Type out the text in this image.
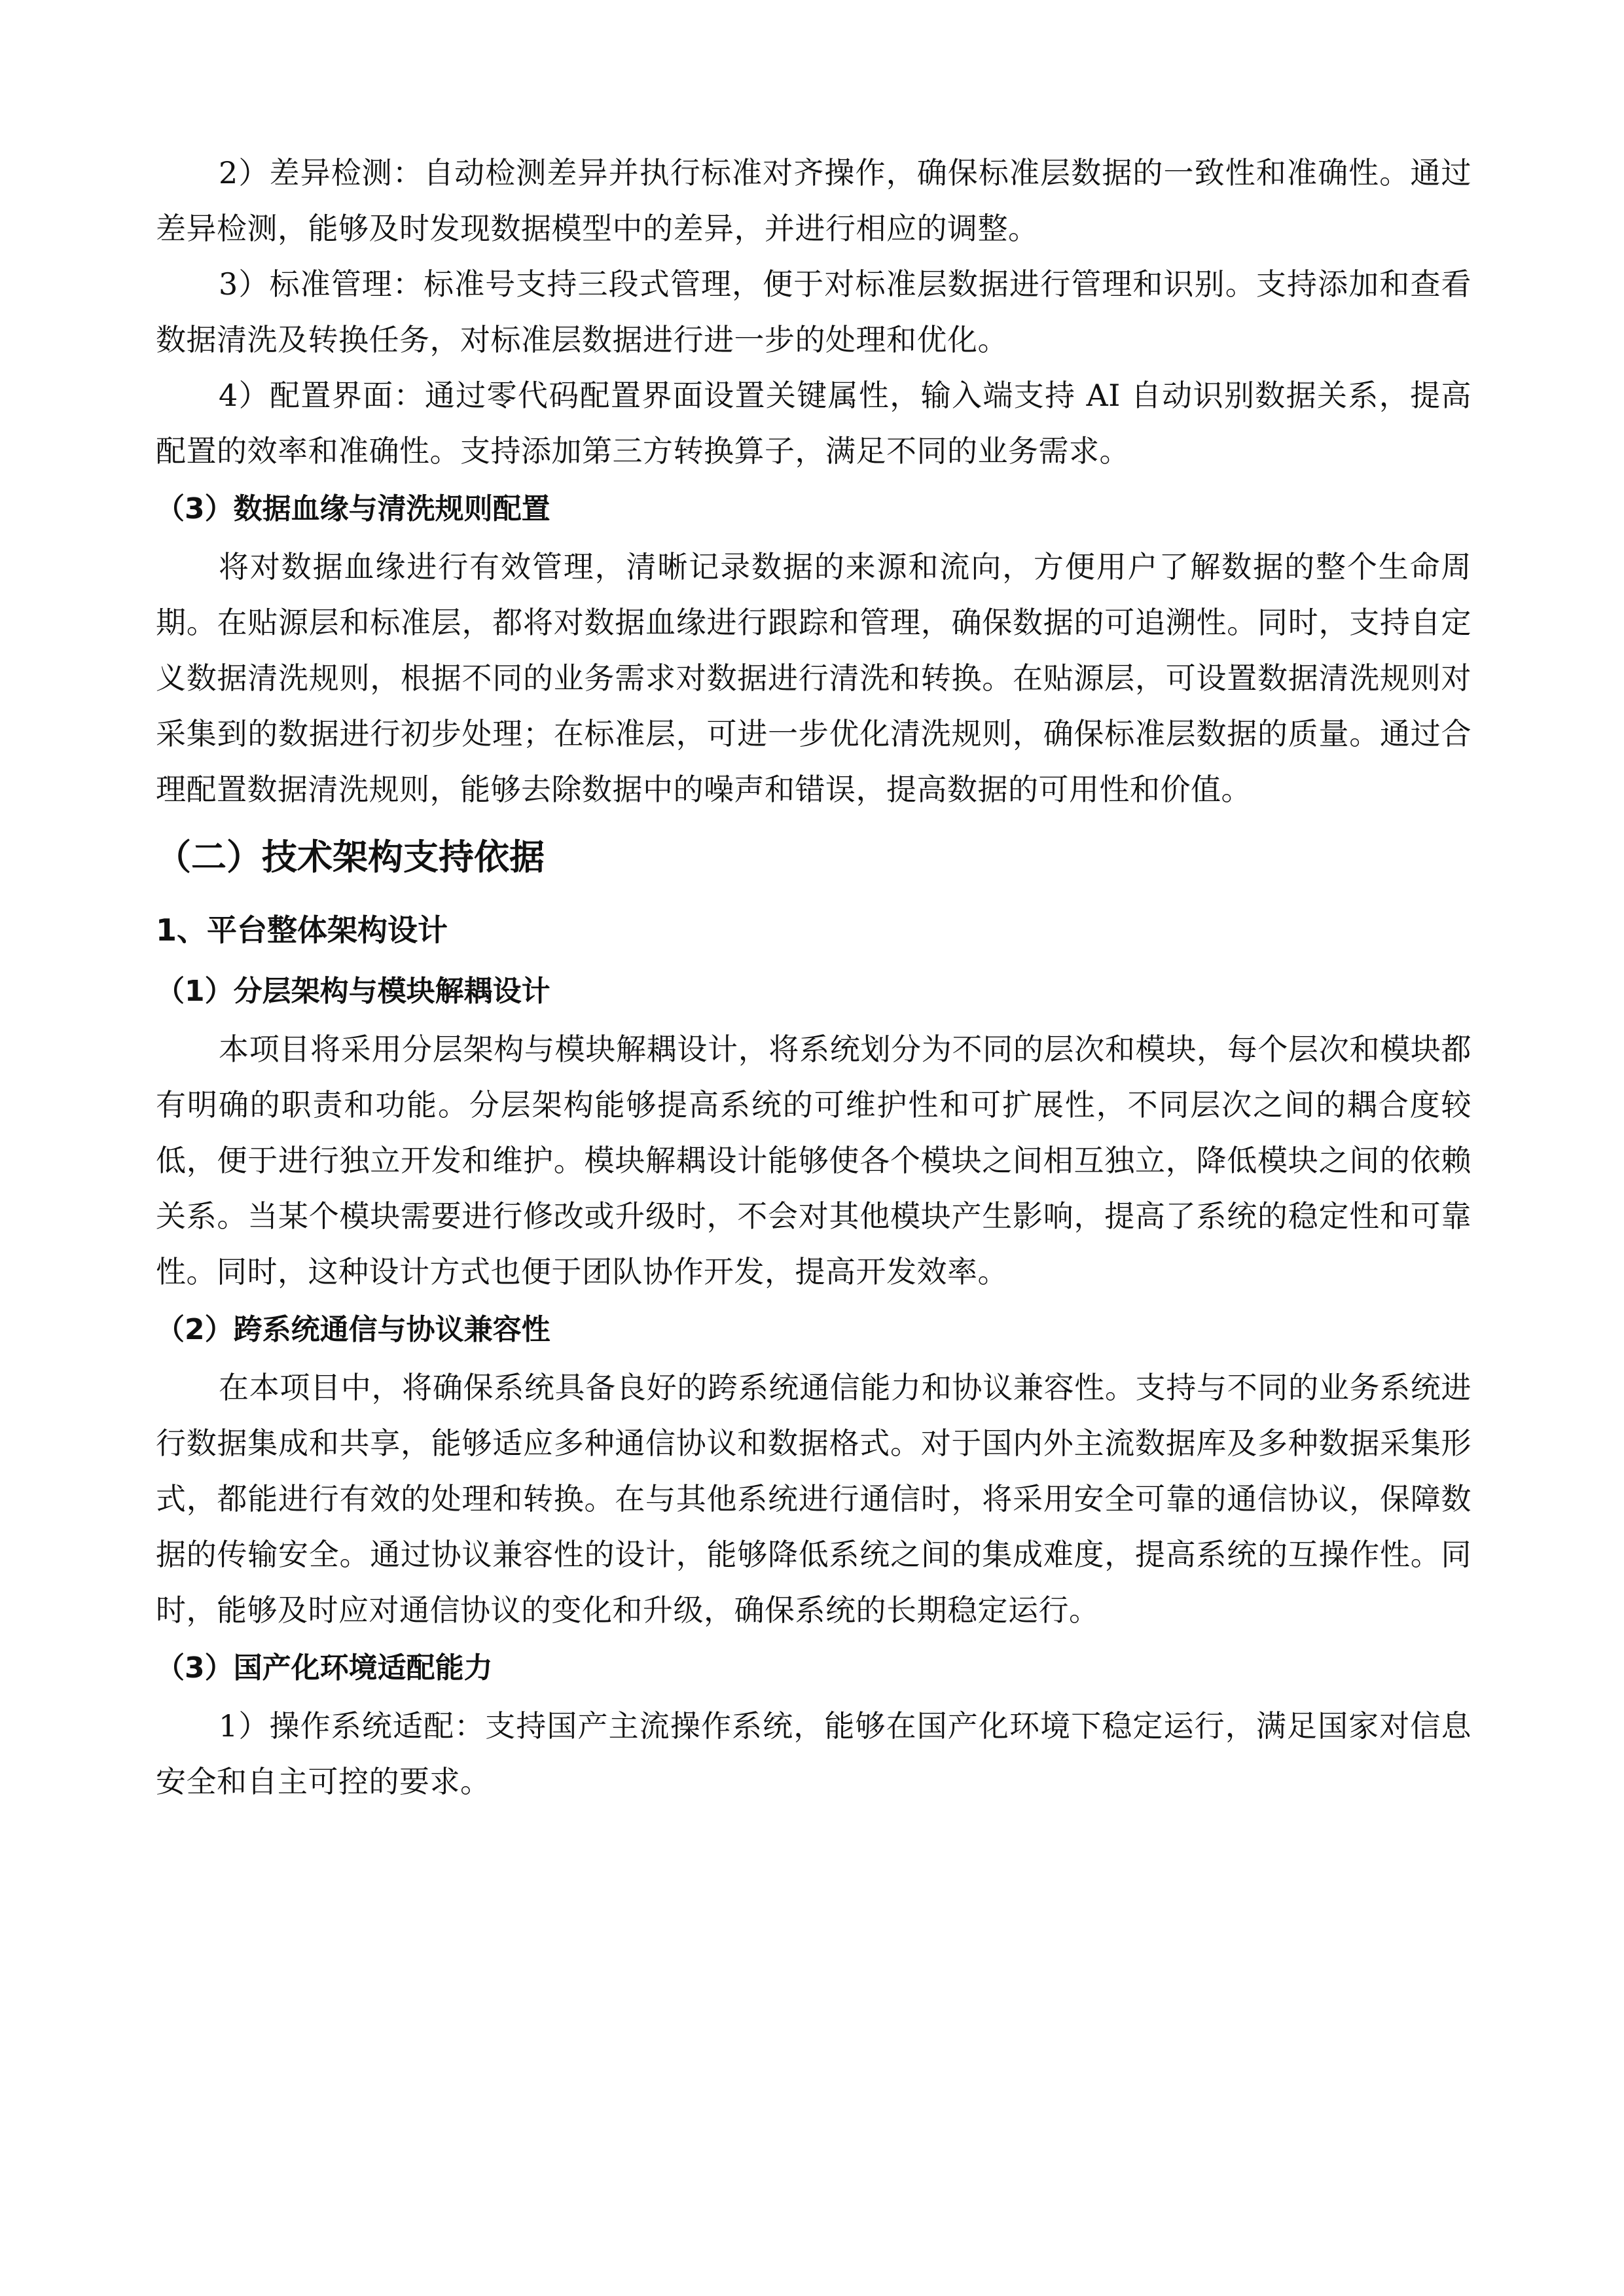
2）差异检测：自动检测差异并执行标准对齐操作，确保标准层数据的一致性和准确性。通过差异检测，能够及时发现数据模型中的差异，并进行相应的调整。

3）标准管理：标准号支持三段式管理，便于对标准层数据进行管理和识别。支持添加和查看数据清洗及转换任务，对标准层数据进行进一步的处理和优化。

4）配置界面：通过零代码配置界面设置关键属性，输入端支持 AI 自动识别数据关系，提高配置的效率和准确性。支持添加第三方转换算子，满足不同的业务需求。

（3）数据血缘与清洗规则配置

将对数据血缘进行有效管理，清晰记录数据的来源和流向，方便用户了解数据的整个生命周期。在贴源层和标准层，都将对数据血缘进行跟踪和管理，确保数据的可追溯性。同时，支持自定义数据清洗规则，根据不同的业务需求对数据进行清洗和转换。在贴源层，可设置数据清洗规则对采集到的数据进行初步处理；在标准层，可进一步优化清洗规则，确保标准层数据的质量。通过合理配置数据清洗规则，能够去除数据中的噪声和错误，提高数据的可用性和价值。

（二）技术架构支持依据
1、平台整体架构设计
（1）分层架构与模块解耦设计

本项目将采用分层架构与模块解耦设计，将系统划分为不同的层次和模块，每个层次和模块都有明确的职责和功能。分层架构能够提高系统的可维护性和可扩展性，不同层次之间的耦合度较低，便于进行独立开发和维护。模块解耦设计能够使各个模块之间相互独立，降低模块之间的依赖关系。当某个模块需要进行修改或升级时，不会对其他模块产生影响，提高了系统的稳定性和可靠性。同时，这种设计方式也便于团队协作开发，提高开发效率。

（2）跨系统通信与协议兼容性

在本项目中，将确保系统具备良好的跨系统通信能力和协议兼容性。支持与不同的业务系统进行数据集成和共享，能够适应多种通信协议和数据格式。对于国内外主流数据库及多种数据采集形式，都能进行有效的处理和转换。在与其他系统进行通信时，将采用安全可靠的通信协议，保障数据的传输安全。通过协议兼容性的设计，能够降低系统之间的集成难度，提高系统的互操作性。同时，能够及时应对通信协议的变化和升级，确保系统的长期稳定运行。

（3）国产化环境适配能力

1）操作系统适配：支持国产主流操作系统，能够在国产化环境下稳定运行，满足国家对信息安全和自主可控的要求。
